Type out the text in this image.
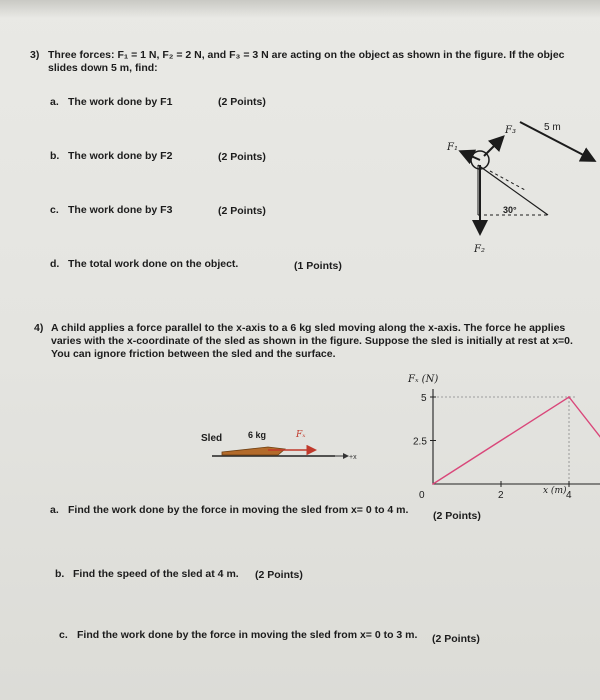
3) Three forces: F₁ = 1 N, F₂ = 2 N, and F₃ = 3 N are acting on the object as shown in the figure. If the objec
slides down 5 m, find:
a. The work done by F1	(2 Points)
b. The work done by F2	(2 Points)
c. The work done by F3	(2 Points)
d. The total work done on the object.	(1 Points)
5 m
F₁
F₂
F₃
30°
4) A child applies a force parallel to the x-axis to a 6 kg sled moving along the x-axis. The force he applies
varies with the x-coordinate of the sled as shown in the figure. Suppose the sled is initially at rest at x=0.
You can ignore friction between the sled and the surface.
Sled	6 kg	Fₓ
+x
0	2	4
2.5
5
Fₓ (N)
x (m)
a. Find the work done by the force in moving the sled from x= 0 to 4 m. (2 Points)
b. Find the speed of the sled at 4 m. (2 Points)
c. Find the work done by the force in moving the sled from x= 0 to 3 m. (2 Points)
